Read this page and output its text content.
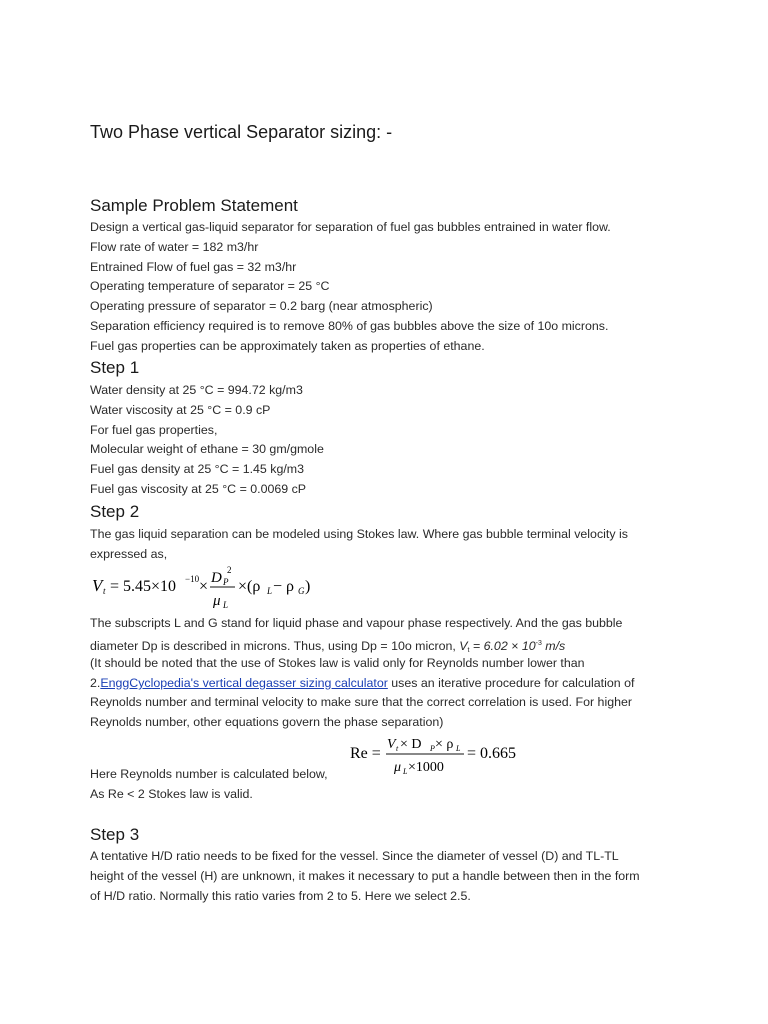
Two Phase vertical Separator sizing: -
Sample Problem Statement
Design a vertical gas-liquid separator for separation of fuel gas bubbles entrained in water flow.
Flow rate of water = 182 m3/hr
Entrained Flow of fuel gas = 32 m3/hr
Operating temperature of separator = 25 °C
Operating pressure of separator = 0.2 barg (near atmospheric)
Separation efficiency required is to remove 80% of gas bubbles above the size of 10o microns.
Fuel gas properties can be approximately taken as properties of ethane.
Step 1
Water density at 25 °C = 994.72 kg/m3
Water viscosity at 25 °C = 0.9 cP
For fuel gas properties,
Molecular weight of ethane = 30 gm/gmole
Fuel gas density at 25 °C = 1.45 kg/m3
Fuel gas viscosity at 25 °C = 0.0069 cP
Step 2
The gas liquid separation can be modeled using Stokes law. Where gas bubble terminal velocity is
expressed as,
V t = 5.45×10 −10 × D P
2
μ L
×(ρ L − ρ G )
The subscripts L and G stand for liquid phase and vapour phase respectively. And the gas bubble
diameter Dp is described in microns. Thus, using Dp = 10o micron, $V_t = 6.02 \times 10^{-3}$ m/s
(It should be noted that the use of Stokes law is valid only for Reynolds number lower than
2.EnggCyclopedia's vertical degasser sizing calculator uses an iterative procedure for calculation of
Reynolds number and terminal velocity to make sure that the correct correlation is used. For higher
Reynolds number, other equations govern the phase separation)
Re =
V t × D P × ρ L
μ L ×1000
= 0.665
Here Reynolds number is calculated below,
As Re < 2 Stokes law is valid.
Step 3
A tentative H/D ratio needs to be fixed for the vessel. Since the diameter of vessel (D) and TL-TL
height of the vessel (H) are unknown, it makes it necessary to put a handle between then in the form
of H/D ratio. Normally this ratio varies from 2 to 5. Here we select 2.5.
